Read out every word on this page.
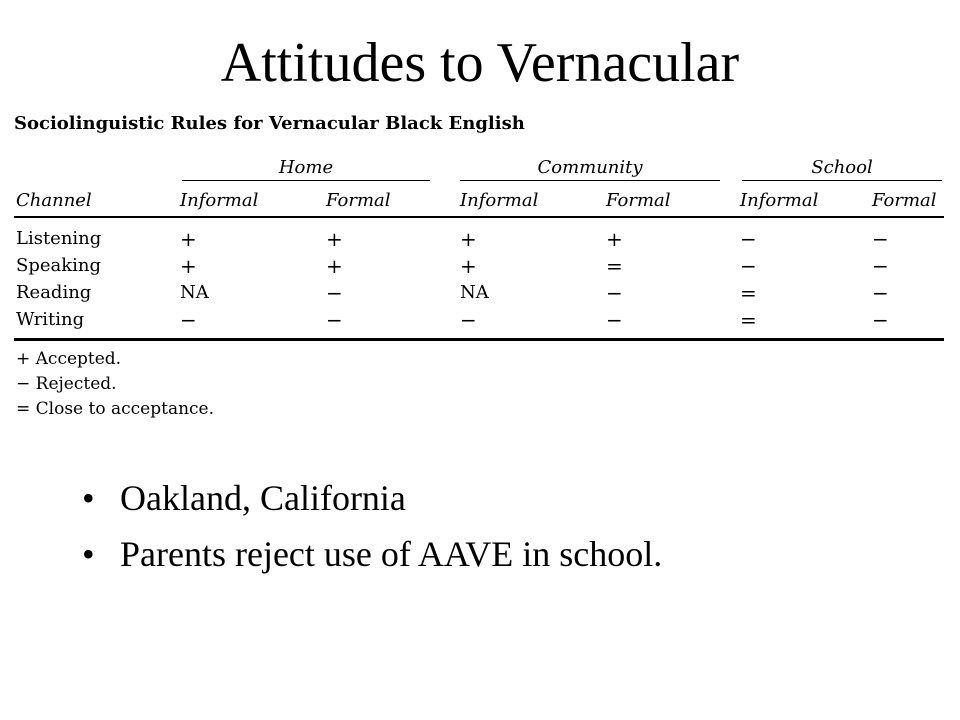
Attitudes to Vernacular
Sociolinguistic Rules for Vernacular Black English
Home	Community	School
Channel	Informal	Formal	Informal	Formal	Informal	Formal
Listening	+	+	+	+	−	−
Speaking	+	+	+	=	−	−
Reading	NA	−	NA	−	=	−
Writing	−	−	−	−	=	−
+ Accepted.
− Rejected.
= Close to acceptance.
• Oakland, California
• Parents reject use of AAVE in school.
